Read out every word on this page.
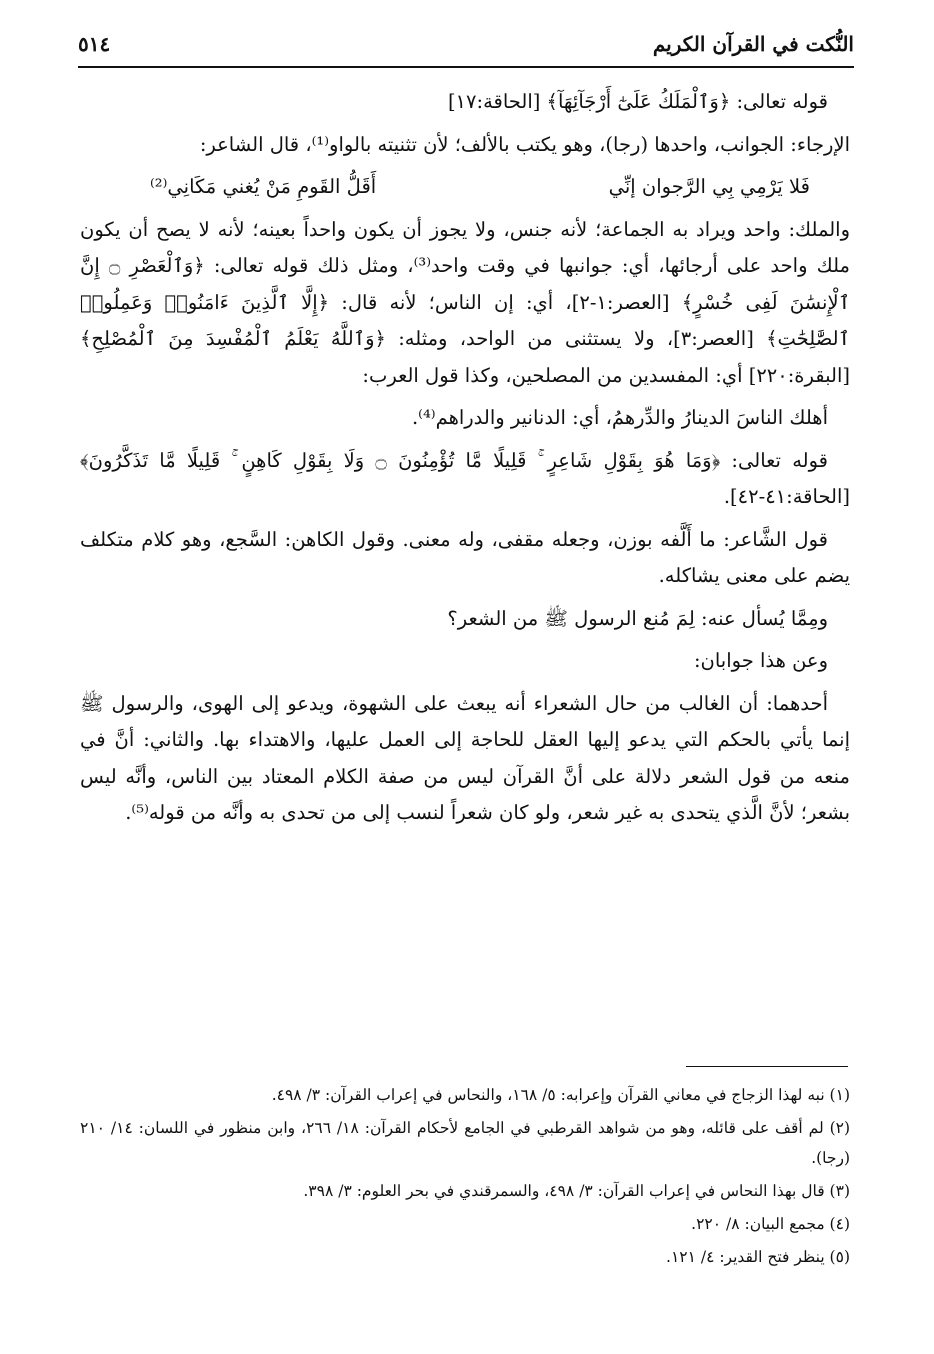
النُّكت في القرآن الكريم
٥١٤

قوله تعالى: ﴿وَٱلْمَلَكُ عَلَىٰٓ أَرْجَآئِهَآ﴾ [الحاقة:١٧]

الإرجاء: الجوانب، واحدها (رجا)، وهو يكتب بالألف؛ لأن تثنيته بالواو⁽¹⁾، قال الشاعر:

فَلا يَرْمِي بِي الرَّجوان إنِّي
أَقَلُّ القَومِ مَنْ يُغني مَكَانِي⁽²⁾

والملك: واحد ويراد به الجماعة؛ لأنه جنس، ولا يجوز أن يكون واحداً بعينه؛ لأنه لا يصح أن يكون ملك واحد على أرجائها، أي: جوانبها في وقت واحد⁽³⁾، ومثل ذلك قوله تعالى: ﴿وَٱلْعَصْرِ ۝ إِنَّ ٱلْإِنسَٰنَ لَفِى خُسْرٍ﴾ [العصر:١-٢]، أي: إن الناس؛ لأنه قال: ﴿إِلَّا ٱلَّذِينَ ءَامَنُوا۟ وَعَمِلُوا۟ ٱلصَّٰلِحَٰتِ﴾ [العصر:٣]، ولا يستثنى من الواحد، ومثله: ﴿وَٱللَّهُ يَعْلَمُ ٱلْمُفْسِدَ مِنَ ٱلْمُصْلِحِ﴾ [البقرة:٢٢٠] أي: المفسدين من المصلحين، وكذا قول العرب:

أهلك الناسَ الدينارُ والدِّرهمُ، أي: الدنانير والدراهم⁽⁴⁾.

قوله تعالى: ﴿وَمَا هُوَ بِقَوْلِ شَاعِرٍ ۚ قَلِيلًا مَّا تُؤْمِنُونَ ۝ وَلَا بِقَوْلِ كَاهِنٍ ۚ قَلِيلًا مَّا تَذَكَّرُونَ﴾ [الحاقة:٤١-٤٢].

قول الشَّاعر: ما أَلَّفه بوزن، وجعله مقفى، وله معنى. وقول الكاهن: السَّجع، وهو كلام متكلف يضم على معنى يشاكله.

ومِمَّا يُسأل عنه: لِمَ مُنع الرسول ﷺ من الشعر؟

وعن هذا جوابان:

أحدهما: أن الغالب من حال الشعراء أنه يبعث على الشهوة، ويدعو إلى الهوى، والرسول ﷺ إنما يأتي بالحكم التي يدعو إليها العقل للحاجة إلى العمل عليها، والاهتداء بها. والثاني: أنَّ في منعه من قول الشعر دلالة على أنَّ القرآن ليس من صفة الكلام المعتاد بين الناس، وأنَّه ليس بشعر؛ لأنَّ الَّذي يتحدى به غير شعر، ولو كان شعراً لنسب إلى من تحدى به وأنَّه من قوله⁽⁵⁾.

(١) نبه لهذا الزجاج في معاني القرآن وإعرابه: ٥/ ١٦٨، والنحاس في إعراب القرآن: ٣/ ٤٩٨.

(٢) لم أقف على قائله، وهو من شواهد القرطبي في الجامع لأحكام القرآن: ١٨/ ٢٦٦، وابن منظور في اللسان: ١٤/ ٢١٠ (رجا).

(٣) قال بهذا النحاس في إعراب القرآن: ٣/ ٤٩٨، والسمرقندي في بحر العلوم: ٣/ ٣٩٨.

(٤) مجمع البيان: ٨/ ٢٢٠.

(٥) ينظر فتح القدير: ٤/ ١٢١.
